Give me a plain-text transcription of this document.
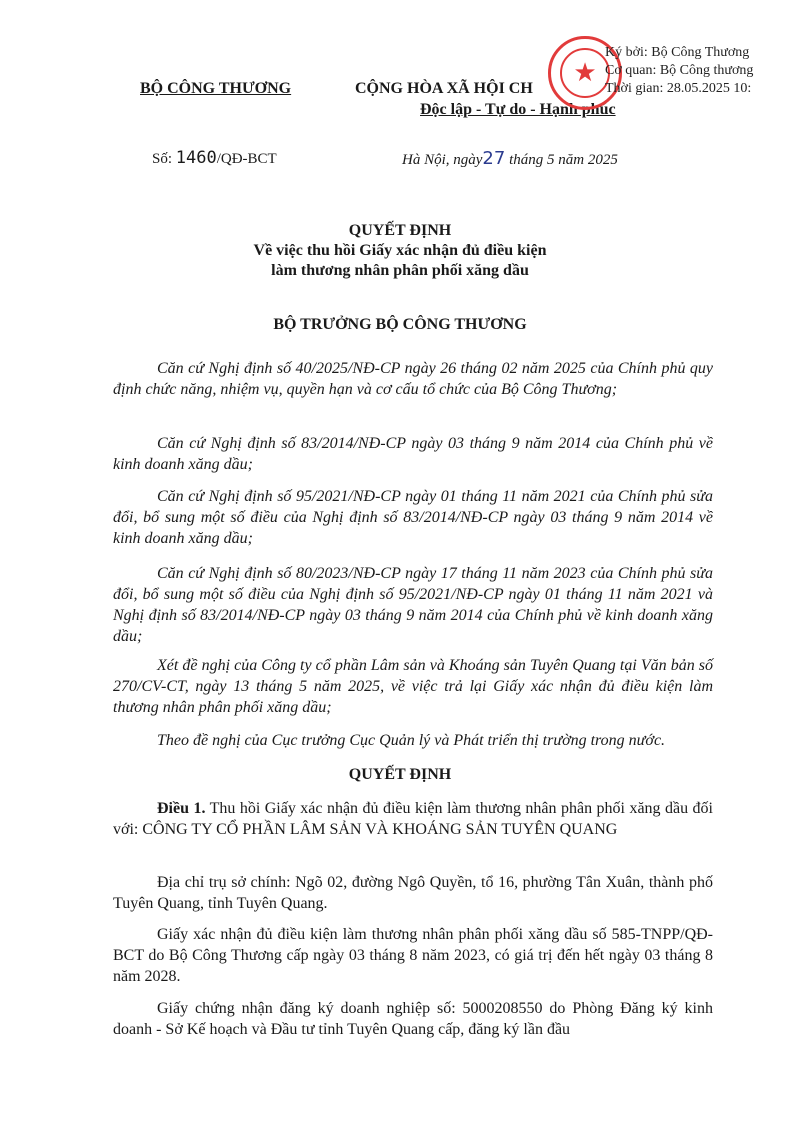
BỘ CÔNG THƯƠNG	CỘNG HÒA XÃ HỘI CH
Độc lập - Tự do - Hạnh phúc
★
Ký bởi: Bộ Công Thương
Cơ quan: Bộ Công thương
Thời gian: 28.05.2025 10:
Số: 1460/QĐ-BCT	Hà Nội, ngày27 tháng 5 năm 2025
QUYẾT ĐỊNH
Về việc thu hồi Giấy xác nhận đủ điều kiện
làm thương nhân phân phối xăng dầu
BỘ TRƯỞNG BỘ CÔNG THƯƠNG
Căn cứ Nghị định số 40/2025/NĐ-CP ngày 26 tháng 02 năm 2025 của Chính phủ quy định chức năng, nhiệm vụ, quyền hạn và cơ cấu tổ chức của Bộ Công Thương;
Căn cứ Nghị định số 83/2014/NĐ-CP ngày 03 tháng 9 năm 2014 của Chính phủ về kinh doanh xăng dầu;
Căn cứ Nghị định số 95/2021/NĐ-CP ngày 01 tháng 11 năm 2021 của Chính phủ sửa đổi, bổ sung một số điều của Nghị định số 83/2014/NĐ-CP ngày 03 tháng 9 năm 2014 về kinh doanh xăng dầu;
Căn cứ Nghị định số 80/2023/NĐ-CP ngày 17 tháng 11 năm 2023 của Chính phủ sửa đổi, bổ sung một số điều của Nghị định số 95/2021/NĐ-CP ngày 01 tháng 11 năm 2021 và Nghị định số 83/2014/NĐ-CP ngày 03 tháng 9 năm 2014 của Chính phủ về kinh doanh xăng dầu;
Xét đề nghị của Công ty cổ phần Lâm sản và Khoáng sản Tuyên Quang tại Văn bản số 270/CV-CT, ngày 13 tháng 5 năm 2025, về việc trả lại Giấy xác nhận đủ điều kiện làm thương nhân phân phối xăng dầu;
Theo đề nghị của Cục trưởng Cục Quản lý và Phát triển thị trường trong nước.
QUYẾT ĐỊNH
Điều 1. Thu hồi Giấy xác nhận đủ điều kiện làm thương nhân phân phối xăng dầu đối với: CÔNG TY CỔ PHẦN LÂM SẢN VÀ KHOÁNG SẢN TUYÊN QUANG
Địa chỉ trụ sở chính: Ngõ 02, đường Ngô Quyền, tổ 16, phường Tân Xuân, thành phố Tuyên Quang, tỉnh Tuyên Quang.
Giấy xác nhận đủ điều kiện làm thương nhân phân phối xăng dầu số 585-TNPP/QĐ-BCT do Bộ Công Thương cấp ngày 03 tháng 8 năm 2023, có giá trị đến hết ngày 03 tháng 8 năm 2028.
Giấy chứng nhận đăng ký doanh nghiệp số: 5000208550 do Phòng Đăng ký kinh doanh - Sở Kế hoạch và Đầu tư tỉnh Tuyên Quang cấp, đăng ký lần đầu
